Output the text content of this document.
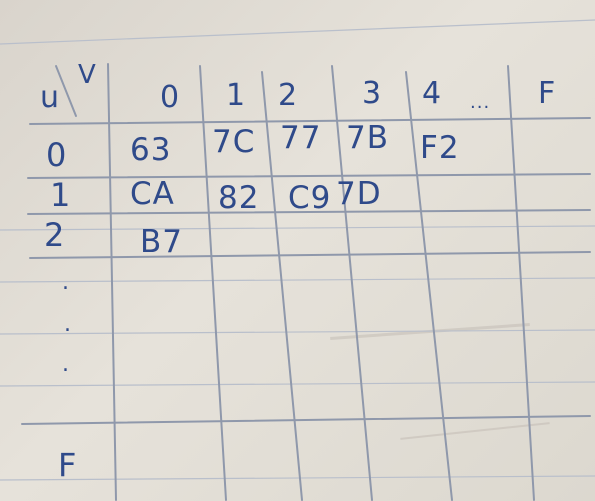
u
V
0 1 2 3 4 ... F
0
1
2
.
.
.
F
63 7C 77 7B F2
CA 82 C9 7D
B7
